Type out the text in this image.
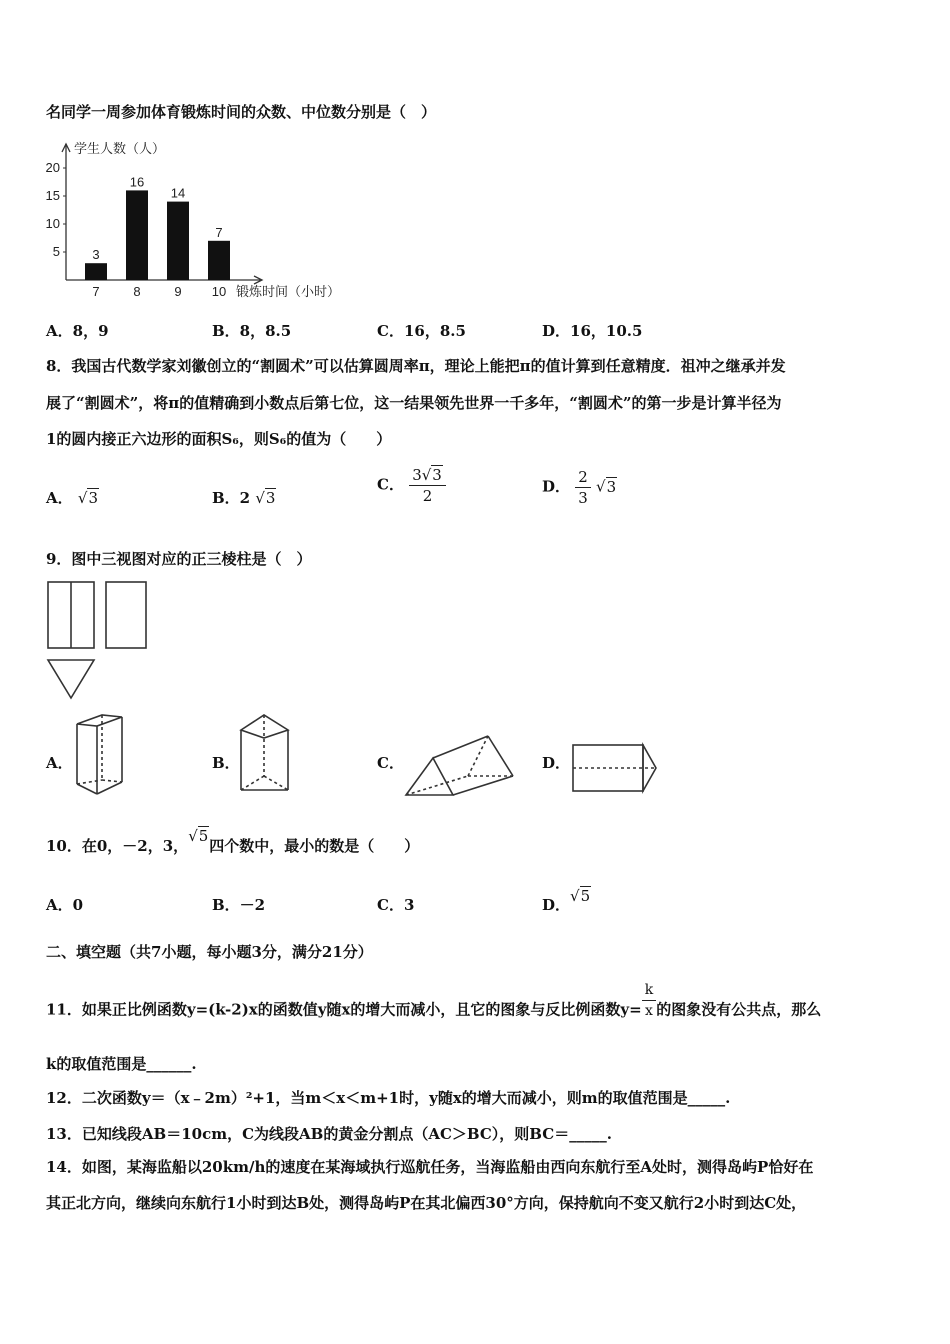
名同学一周参加体育锻炼时间的众数、中位数分别是（　）
学生人数（人）
5
10
15
20
3
7
16
8
14
9
7
10 锻炼时间（小时）
A．8，9	B．8，8.5	C．16，8.5	D．16，10.5
8．我国古代数学家刘徽创立的“割圆术”可以估算圆周率π，理论上能把π的值计算到任意精度．祖冲之继承并发
展了“割圆术”，将π的值精确到小数点后第七位，这一结果领先世界一千多年，“割圆术”的第一步是计算半径为
1的圆内接正六边形的面积S₆，则S₆的值为（　　）
A． √3	B．2 √3
C． $\frac{3√3}{2}$	D． $\frac{2}{3} √3$
9．图中三视图对应的正三棱柱是（　）
A．	B．	C．	D．
10．在0，－2，3，√5四个数中，最小的数是（　　）
A．0	B．－2	C．3	D．√5
二、填空题（共7小题，每小题3分，满分21分）
11．如果正比例函数y=(k-2)x的函数值y随x的增大而减小，且它的图象与反比例函数$y= \frac{k}{x}$ 的图象没有公共点，那么
k的取值范围是______.
12．二次函数y＝（x﹣2m）²+1，当m＜x＜m+1时，y随x的增大而减小，则m的取值范围是_____.
13．已知线段AB＝10cm，C为线段AB的黄金分割点（AC＞BC），则BC＝_____.
14．如图，某海监船以20km/h的速度在某海域执行巡航任务，当海监船由西向东航行至A处时，测得岛屿P恰好在
其正北方向，继续向东航行1小时到达B处，测得岛屿P在其北偏西30°方向，保持航向不变又航行2小时到达C处，
